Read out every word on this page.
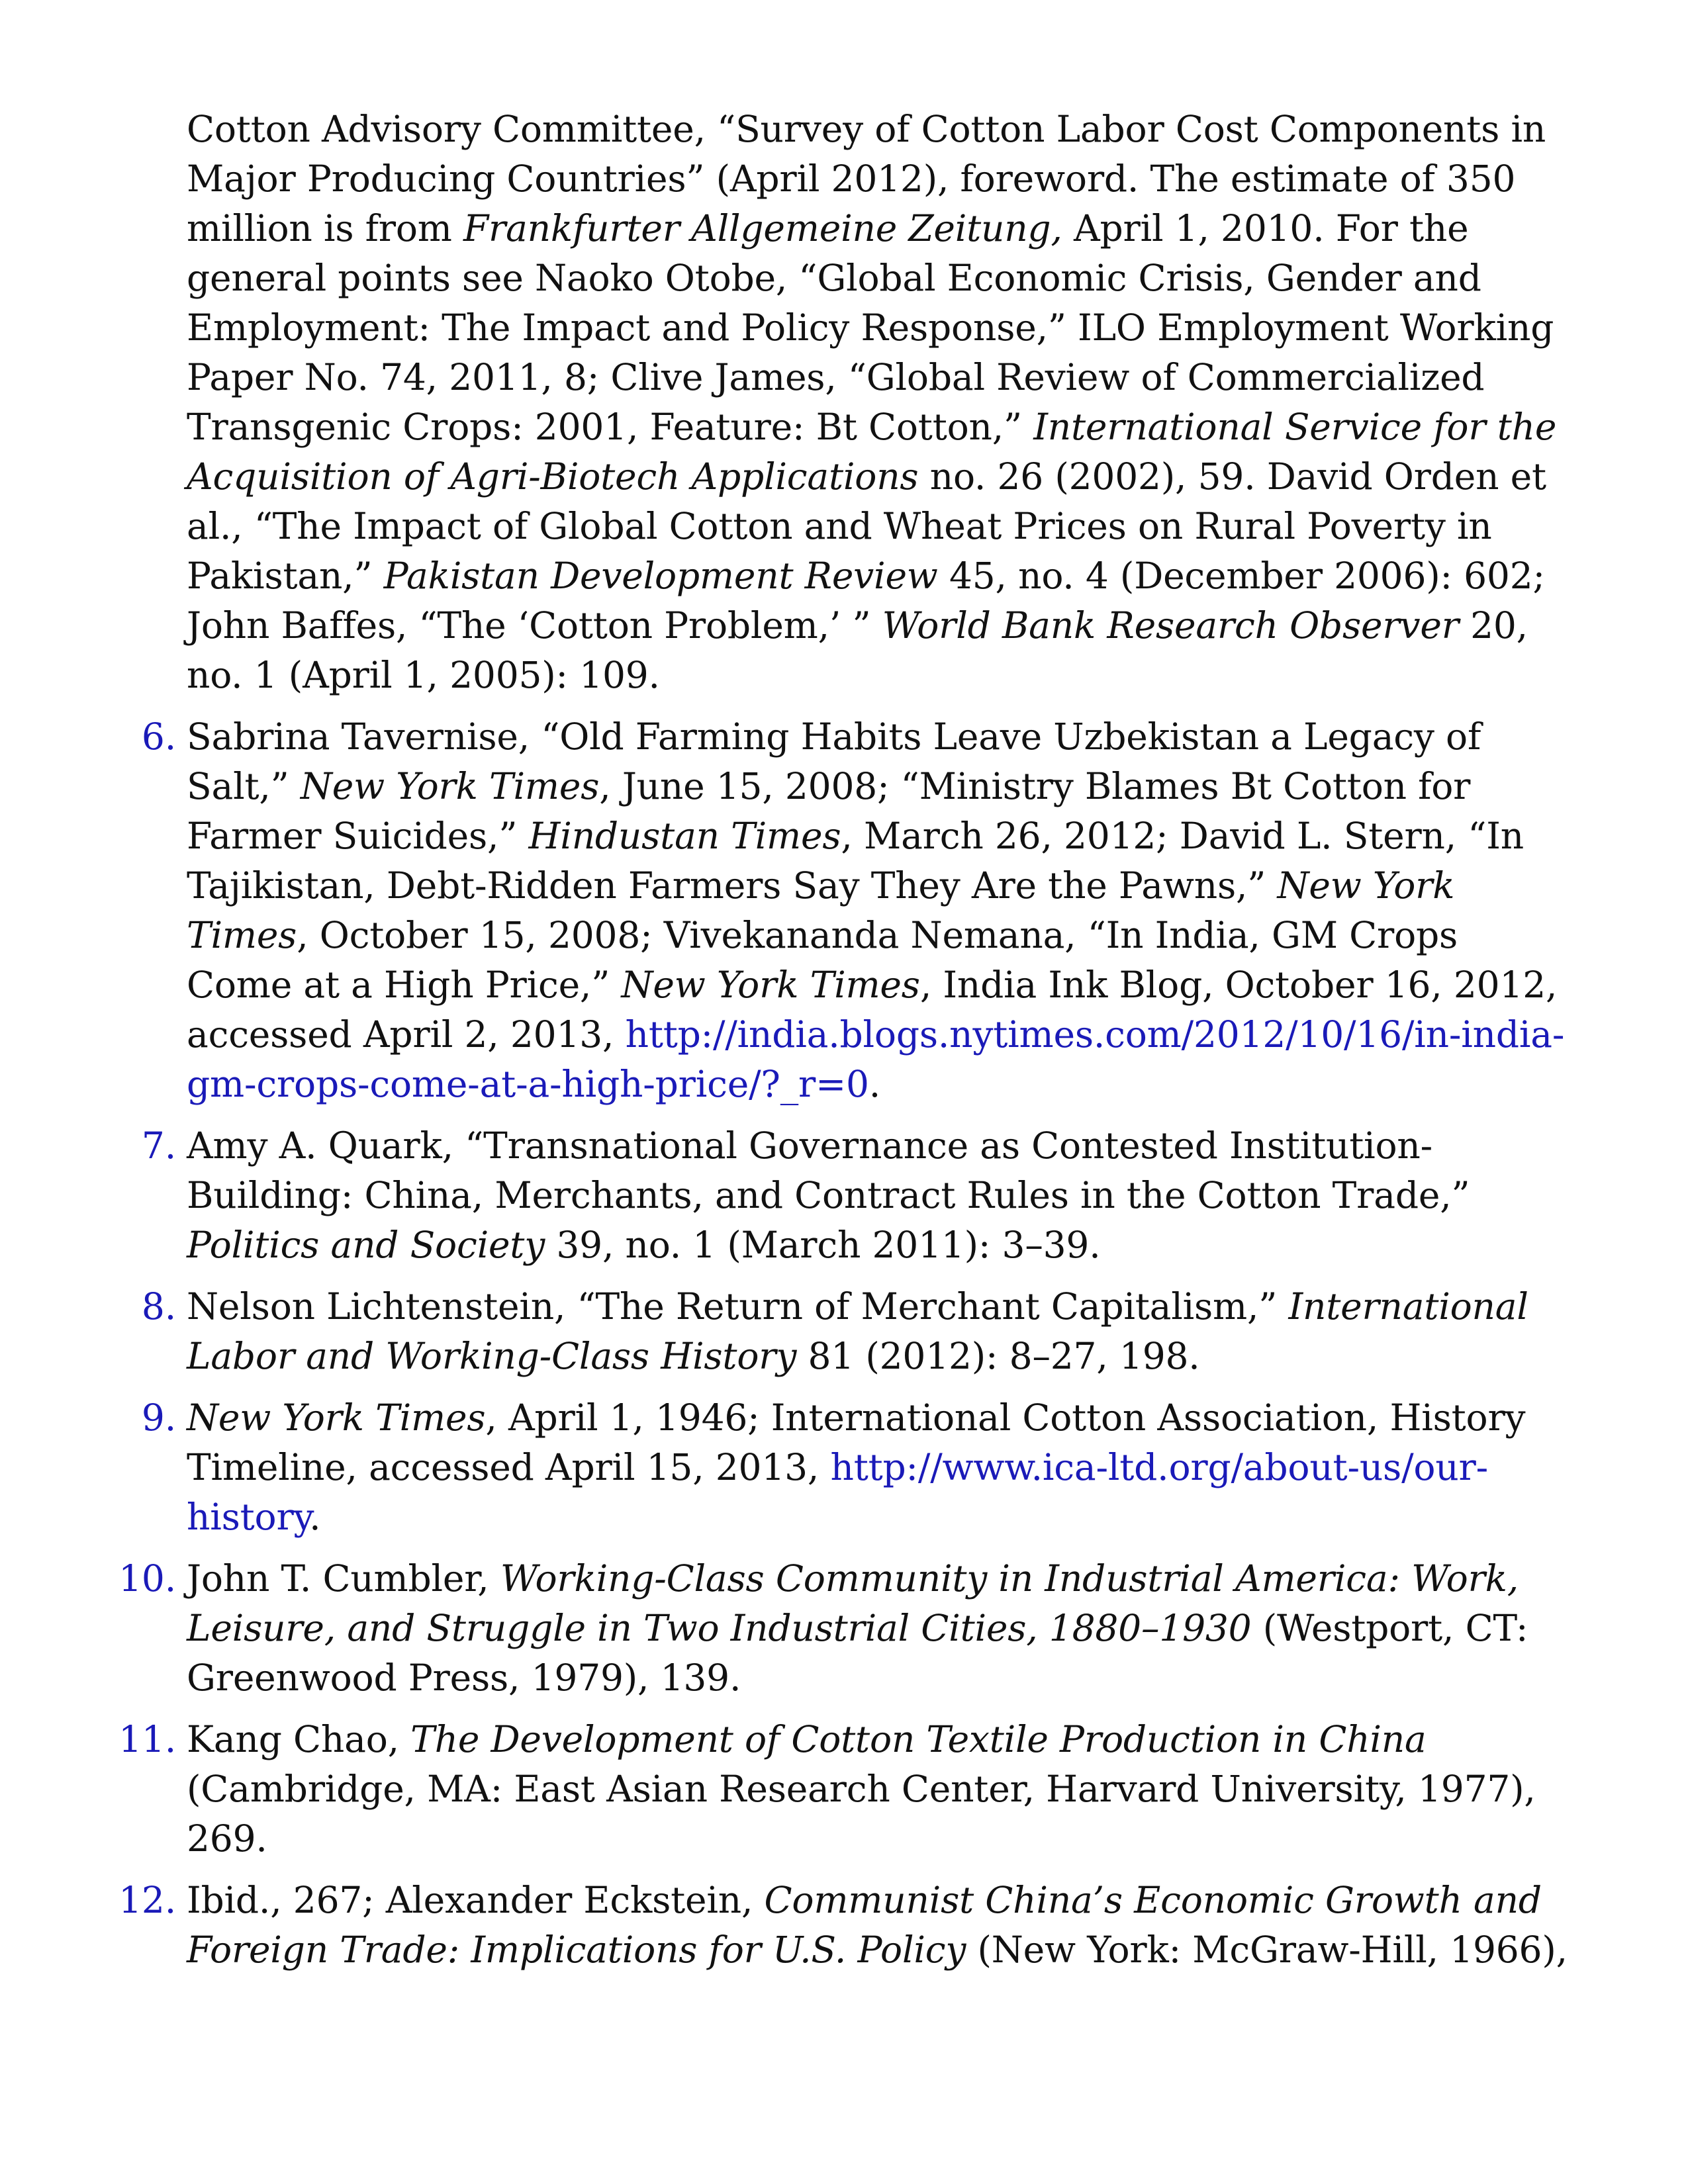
Cotton Advisory Committee, “Survey of Cotton Labor Cost Components in Major Producing Countries” (April 2012), foreword. The estimate of 350 million is from Frankfurter Allgemeine Zeitung, April 1, 2010. For the general points see Naoko Otobe, “Global Economic Crisis, Gender and Employment: The Impact and Policy Response,” ILO Employment Working Paper No. 74, 2011, 8; Clive James, “Global Review of Commercialized Transgenic Crops: 2001, Feature: Bt Cotton,” International Service for the Acquisition of Agri-Biotech Applications no. 26 (2002), 59. David Orden et al., “The Impact of Global Cotton and Wheat Prices on Rural Poverty in Pakistan,” Pakistan Development Review 45, no. 4 (December 2006): 602; John Baffes, “The ‘Cotton Problem,’ ” World Bank Research Observer 20, no. 1 (April 1, 2005): 109.
6. Sabrina Tavernise, “Old Farming Habits Leave Uzbekistan a Legacy of Salt,” New York Times, June 15, 2008; “Ministry Blames Bt Cotton for Farmer Suicides,” Hindustan Times, March 26, 2012; David L. Stern, “In Tajikistan, Debt-Ridden Farmers Say They Are the Pawns,” New York Times, October 15, 2008; Vivekananda Nemana, “In India, GM Crops Come at a High Price,” New York Times, India Ink Blog, October 16, 2012, accessed April 2, 2013, http://india.blogs.nytimes.com/2012/10/16/in-india-gm-crops-come-at-a-high-price/?_r=0.
7. Amy A. Quark, “Transnational Governance as Contested Institution-Building: China, Merchants, and Contract Rules in the Cotton Trade,” Politics and Society 39, no. 1 (March 2011): 3–39.
8. Nelson Lichtenstein, “The Return of Merchant Capitalism,” International Labor and Working-Class History 81 (2012): 8–27, 198.
9. New York Times, April 1, 1946; International Cotton Association, History Timeline, accessed April 15, 2013, http://www.ica-ltd.org/about-us/our-history.
10. John T. Cumbler, Working-Class Community in Industrial America: Work, Leisure, and Struggle in Two Industrial Cities, 1880–1930 (Westport, CT: Greenwood Press, 1979), 139.
11. Kang Chao, The Development of Cotton Textile Production in China (Cambridge, MA: East Asian Research Center, Harvard University, 1977), 269.
12. Ibid., 267; Alexander Eckstein, Communist China’s Economic Growth and Foreign Trade: Implications for U.S. Policy (New York: McGraw-Hill, 1966),
